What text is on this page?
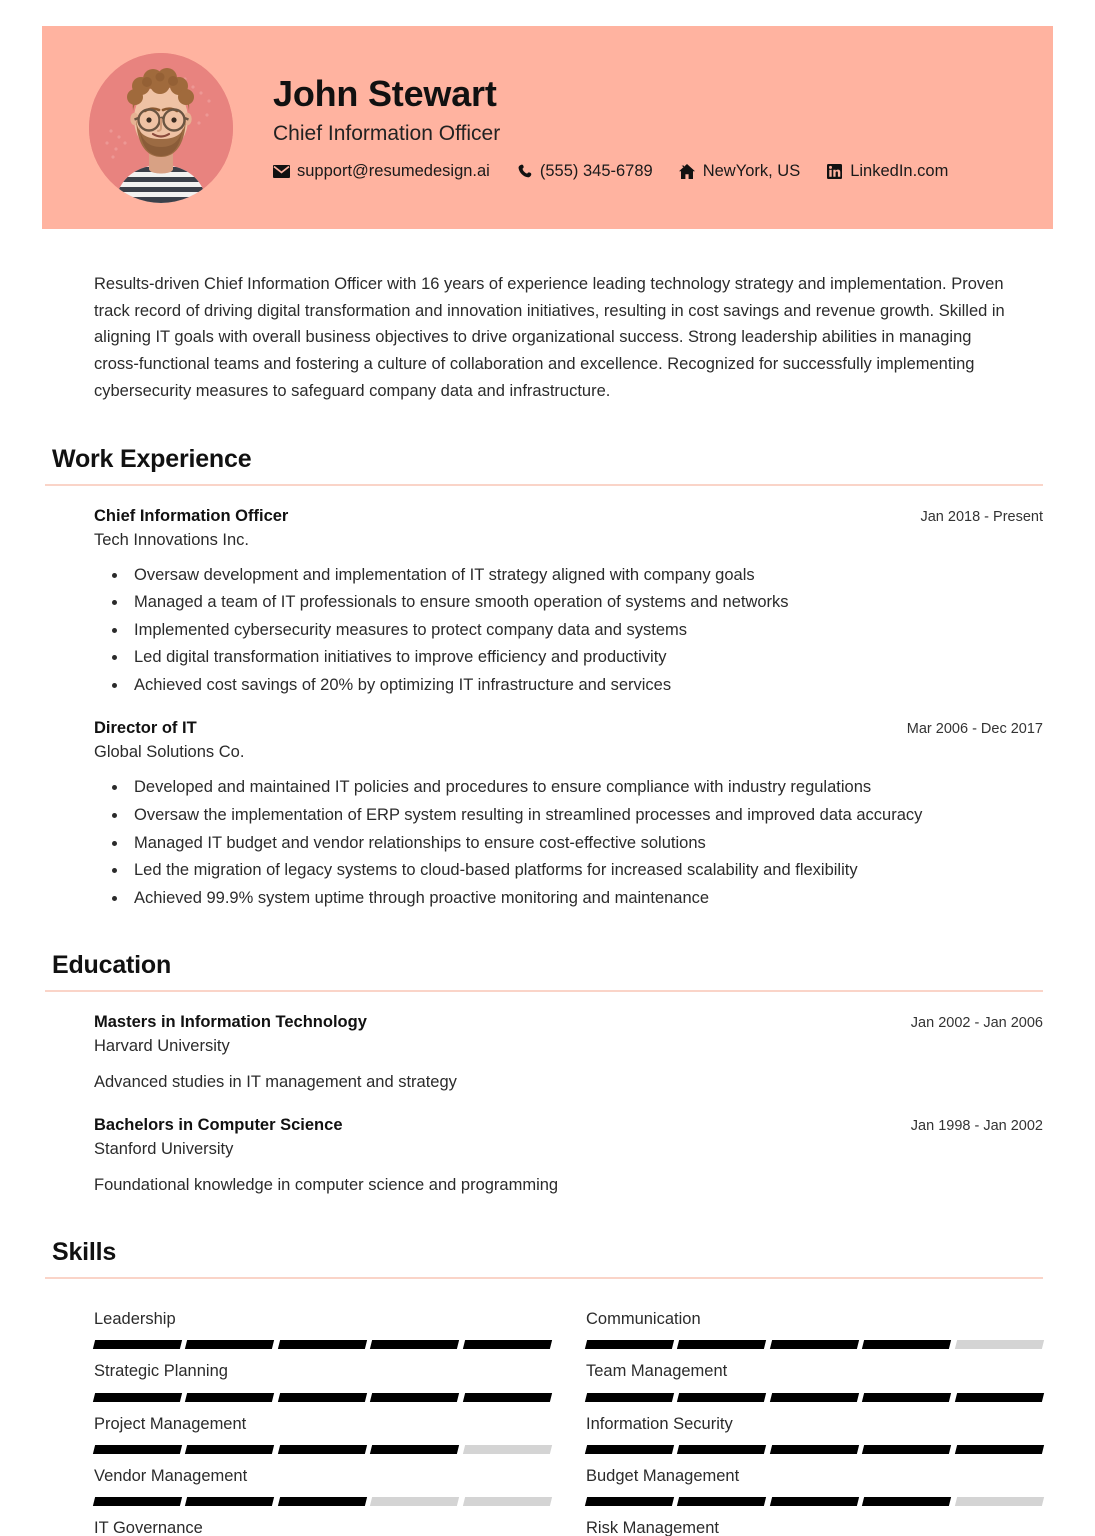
John Stewart
Chief Information Officer
support@resumedesign.ai	(555) 345-6789	NewYork, US	LinkedIn.com
Results-driven Chief Information Officer with 16 years of experience leading technology strategy and implementation. Proven track record of driving digital transformation and innovation initiatives, resulting in cost savings and revenue growth. Skilled in aligning IT goals with overall business objectives to drive organizational success. Strong leadership abilities in managing cross-functional teams and fostering a culture of collaboration and excellence. Recognized for successfully implementing cybersecurity measures to safeguard company data and infrastructure.
Work Experience
Chief Information Officer	Jan 2018 - Present
Tech Innovations Inc.
• Oversaw development and implementation of IT strategy aligned with company goals
• Managed a team of IT professionals to ensure smooth operation of systems and networks
• Implemented cybersecurity measures to protect company data and systems
• Led digital transformation initiatives to improve efficiency and productivity
• Achieved cost savings of 20% by optimizing IT infrastructure and services
Director of IT	Mar 2006 - Dec 2017
Global Solutions Co.
• Developed and maintained IT policies and procedures to ensure compliance with industry regulations
• Oversaw the implementation of ERP system resulting in streamlined processes and improved data accuracy
• Managed IT budget and vendor relationships to ensure cost-effective solutions
• Led the migration of legacy systems to cloud-based platforms for increased scalability and flexibility
• Achieved 99.9% system uptime through proactive monitoring and maintenance
Education
Masters in Information Technology	Jan 2002 - Jan 2006
Harvard University
Advanced studies in IT management and strategy
Bachelors in Computer Science	Jan 1998 - Jan 2002
Stanford University
Foundational knowledge in computer science and programming
Skills
Leadership	Communication
Strategic Planning	Team Management
Project Management	Information Security
Vendor Management	Budget Management
IT Governance	Risk Management
